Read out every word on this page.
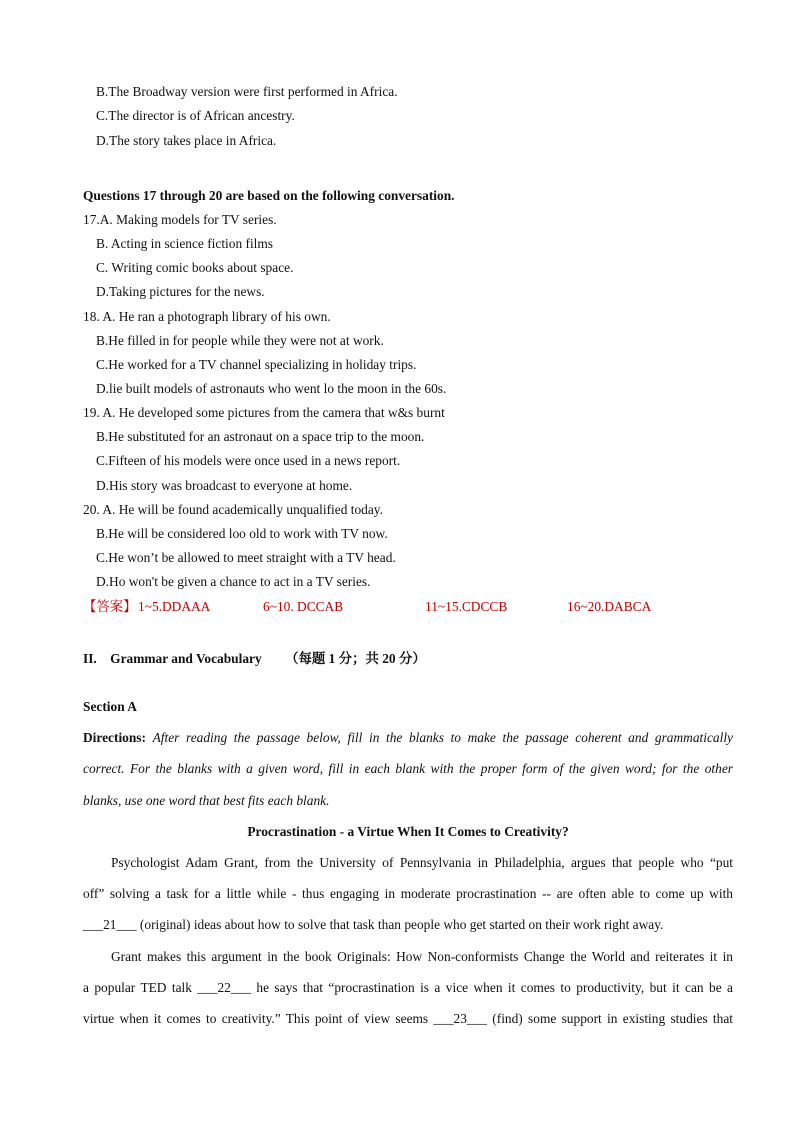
B.The Broadway version were first performed in Africa.
C.The director is of African ancestry.
D.The story takes place in Africa.
Questions 17 through 20 are based on the following conversation.
17.A. Making models for TV series.
B. Acting in science fiction films
C. Writing comic books about space.
D.Taking pictures for the news.
18. A. He ran a photograph library of his own.
B.He filled in for people while they were not at work.
C.He worked for a TV channel specializing in holiday trips.
D.lie built models of astronauts who went lo the moon in the 60s.
19. A. He developed some pictures from the camera that w&s burnt
B.He substituted for an astronaut on a space trip to the moon.
C.Fifteen of his models were once used in a news report.
D.His story was broadcast to everyone at home.
20. A. He will be found academically unqualified today.
B.He will be considered loo old to work with TV now.
C.He won’t be allowed to meet straight with a TV head.
D.Ho won't be given a chance to act in a TV series.
【答案】 1~5.DDAAA	6~10. DCCAB	11~15.CDCCB	16~20.DABCA
II.    Grammar and Vocabulary       （每题 1 分；共 20 分）
Section A
Directions: After reading the passage below, fill in the blanks to make the passage coherent and grammatically
correct. For the blanks with a given word, fill in each blank with the proper form of the given word; for the other
blanks, use one word that best fits each blank.
Procrastination - a Virtue When It Comes to Creativity?
Psychologist Adam Grant, from the University of Pennsylvania in Philadelphia, argues that people who “put
off” solving a task for a little while - thus engaging in moderate procrastination -- are often able to come up with
___21___ (original) ideas about how to solve that task than people who get started on their work right away.
Grant makes this argument in the book Originals: How Non-conformists Change the World and reiterates it in
a popular TED talk ___22___ he says that “procrastination is a vice when it comes to productivity, but it can be a
virtue when it comes to creativity.” This point of view seems ___23___ (find) some support in existing studies that
